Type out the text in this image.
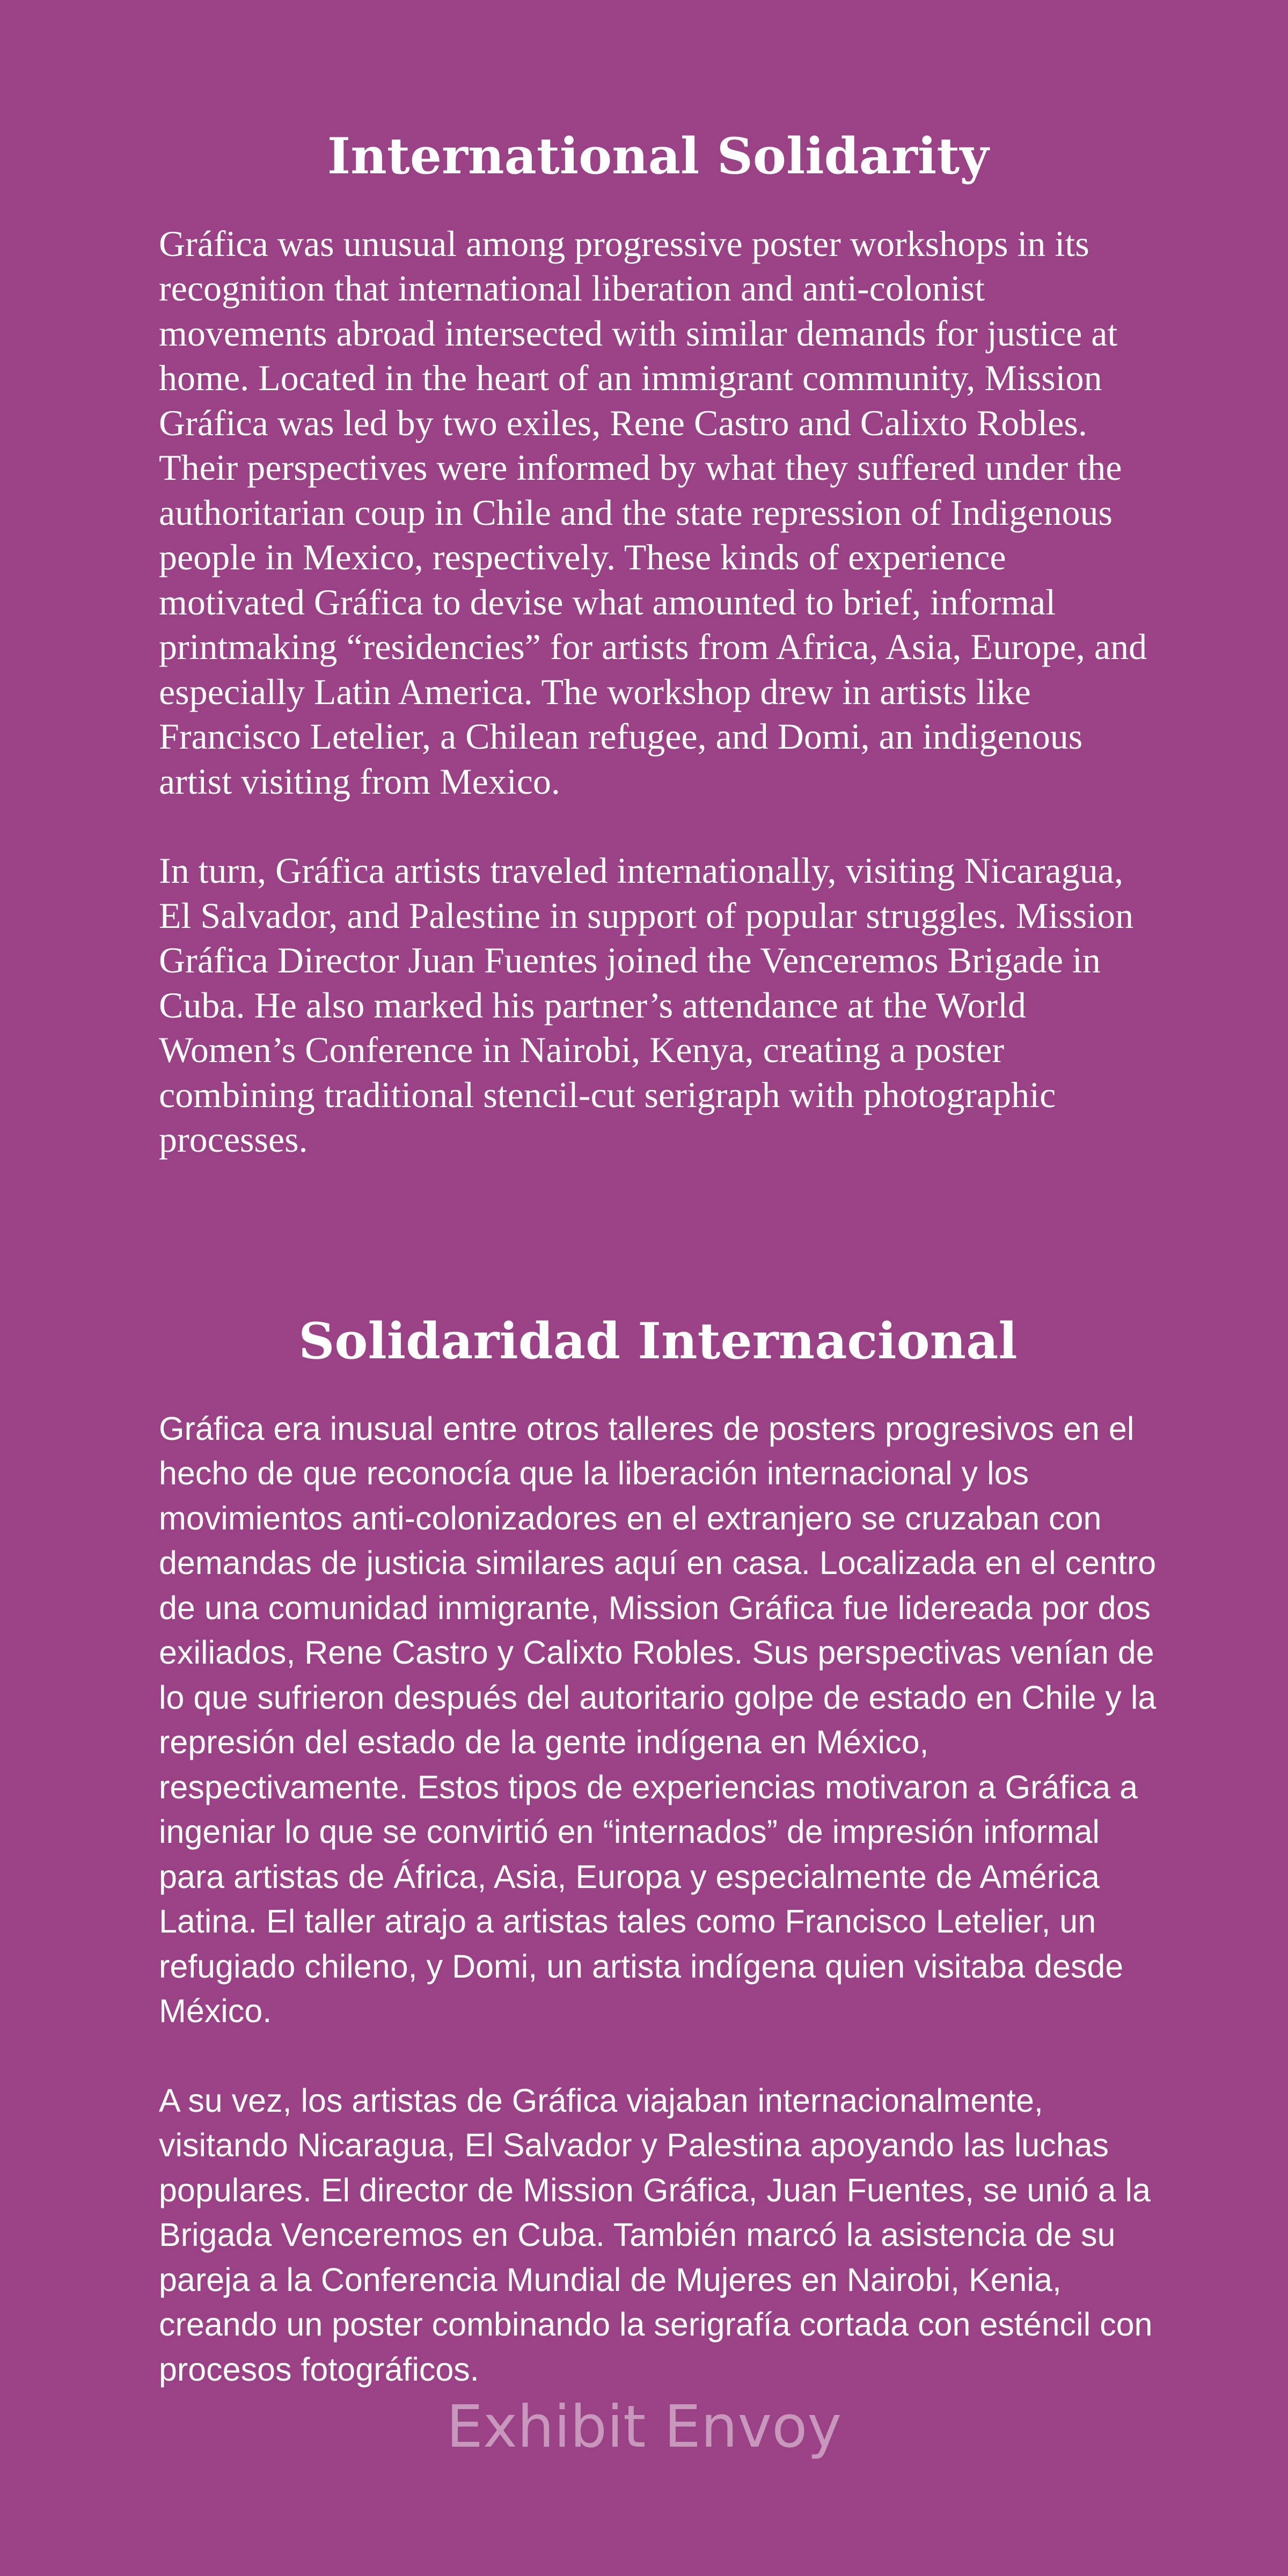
International Solidarity

Gráfica was unusual among progressive poster workshops in its recognition that international liberation and anti-colonist movements abroad intersected with similar demands for justice at home. Located in the heart of an immigrant community, Mission Gráfica was led by two exiles, Rene Castro and Calixto Robles. Their perspectives were informed by what they suffered under the authoritarian coup in Chile and the state repression of Indigenous people in Mexico, respectively. These kinds of experience motivated Gráfica to devise what amounted to brief, informal printmaking “residencies” for artists from Africa, Asia, Europe, and especially Latin America. The workshop drew in artists like Francisco Letelier, a Chilean refugee, and Domi, an indigenous artist visiting from Mexico.

In turn, Gráfica artists traveled internationally, visiting Nicaragua, El Salvador, and Palestine in support of popular struggles. Mission Gráfica Director Juan Fuentes joined the Venceremos Brigade in Cuba. He also marked his partner’s attendance at the World Women’s Conference in Nairobi, Kenya, creating a poster combining traditional stencil-cut serigraph with photographic processes.

Solidaridad Internacional

Gráfica era inusual entre otros talleres de posters progresivos en el hecho de que reconocía que la liberación internacional y los movimientos anti-colonizadores en el extranjero se cruzaban con demandas de justicia similares aquí en casa. Localizada en el centro de una comunidad inmigrante, Mission Gráfica fue lidereada por dos exiliados, Rene Castro y Calixto Robles. Sus perspectivas venían de lo que sufrieron después del autoritario golpe de estado en Chile y la represión del estado de la gente indígena en México, respectivamente. Estos tipos de experiencias motivaron a Gráfica a ingeniar lo que se convirtió en “internados” de impresión informal para artistas de África, Asia, Europa y especialmente de América Latina. El taller atrajo a artistas tales como Francisco Letelier, un refugiado chileno, y Domi, un artista indígena quien visitaba desde México.

A su vez, los artistas de Gráfica viajaban internacionalmente, visitando Nicaragua, El Salvador y Palestina apoyando las luchas populares. El director de Mission Gráfica, Juan Fuentes, se unió a la Brigada Venceremos en Cuba. También marcó la asistencia de su pareja a la Conferencia Mundial de Mujeres en Nairobi, Kenia, creando un poster combinando la serigrafía cortada con esténcil con procesos fotográficos.

Exhibit Envoy
